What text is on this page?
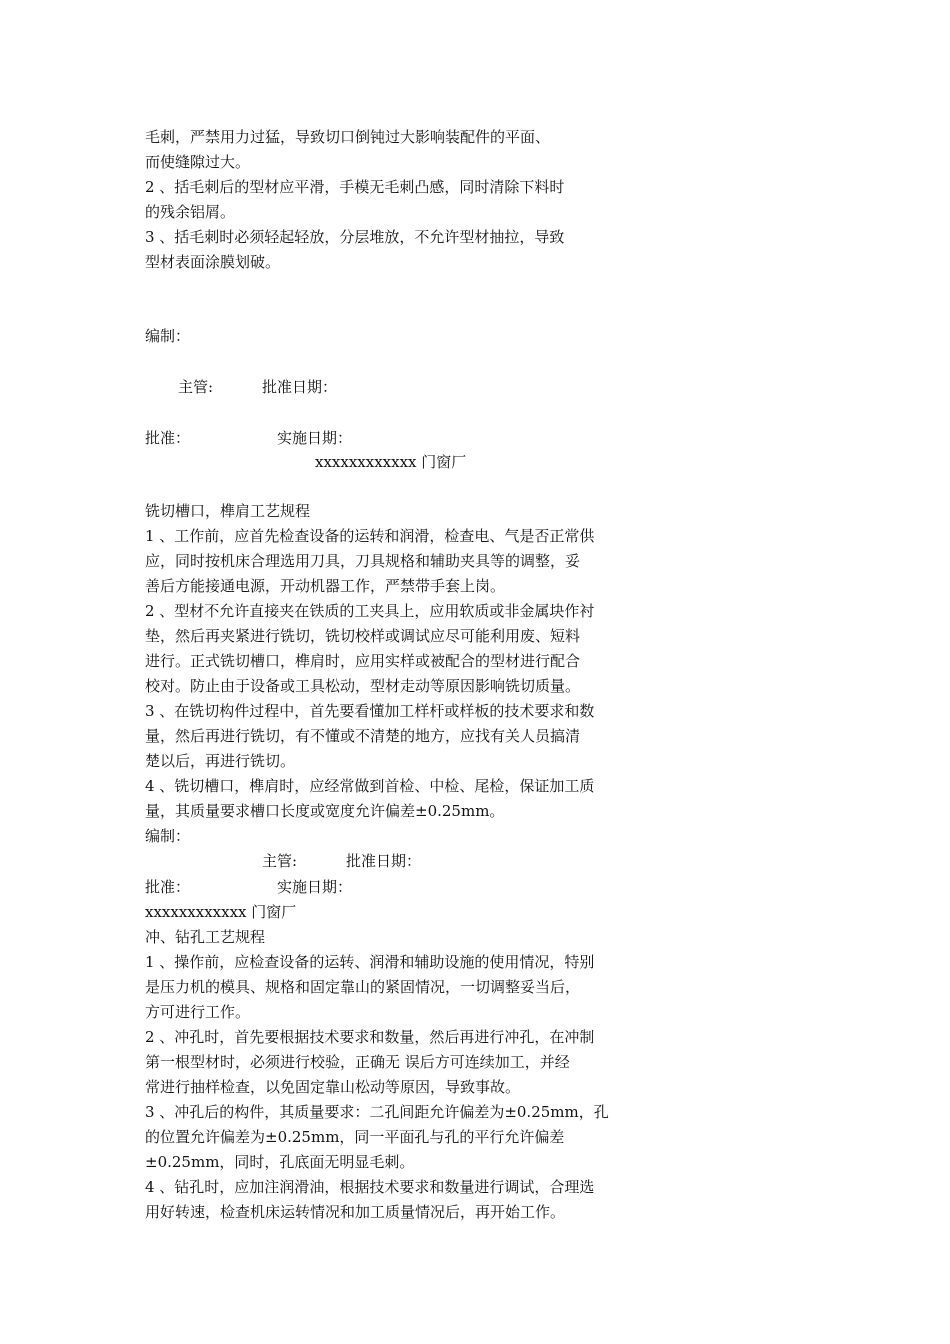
毛刺，严禁用力过猛，导致切口倒钝过大影响装配件的平面、
而使缝隙过大。
2 、括毛刺后的型材应平滑，手模无毛刺凸感，同时清除下料时
的残余铝屑。
3 、括毛刺时必须轻起轻放，分层堆放，不允许型材抽拉，导致
型材表面涂膜划破。
编制：
主管:	批准日期：
批准：	实施日期：
xxxxxxxxxxxx 门窗厂
铣切槽口，榫肩工艺规程
1 、工作前，应首先检查设备的运转和润滑，检查电、气是否正常供
应，同时按机床合理选用刀具，刀具规格和辅助夹具等的调整，妥
善后方能接通电源，开动机器工作，严禁带手套上岗。
2 、型材不允许直接夹在铁质的工夹具上，应用软质或非金属块作衬
垫，然后再夹紧进行铣切，铣切校样或调试应尽可能利用废、短料
进行。正式铣切槽口，榫肩时，应用实样或被配合的型材进行配合
校对。防止由于设备或工具松动，型材走动等原因影响铣切质量。
3 、在铣切构件过程中，首先要看懂加工样杆或样板的技术要求和数
量，然后再进行铣切，有不懂或不清楚的地方，应找有关人员搞清
楚以后，再进行铣切。
4 、铣切槽口，榫肩时，应经常做到首检、中检、尾检，保证加工质
量，其质量要求槽口长度或宽度允许偏差±0.25mm。
编制：
主管:	批准日期：
批准：	实施日期：
xxxxxxxxxxxx 门窗厂
冲、钻孔工艺规程
1 、操作前，应检查设备的运转、润滑和辅助设施的使用情况，特别
是压力机的模具、规格和固定靠山的紧固情况，一切调整妥当后，
方可进行工作。
2 、冲孔时，首先要根据技术要求和数量，然后再进行冲孔，在冲制
第一根型材时，必须进行校验，正确无 误后方可连续加工，并经
常进行抽样检查，以免固定靠山松动等原因，导致事故。
3 、冲孔后的构件，其质量要求：二孔间距允许偏差为±0.25mm，孔
的位置允许偏差为±0.25mm，同一平面孔与孔的平行允许偏差
±0.25mm，同时，孔底面无明显毛刺。
4 、钻孔时，应加注润滑油，根据技术要求和数量进行调试，合理选
用好转速，检查机床运转情况和加工质量情况后，再开始工作。
